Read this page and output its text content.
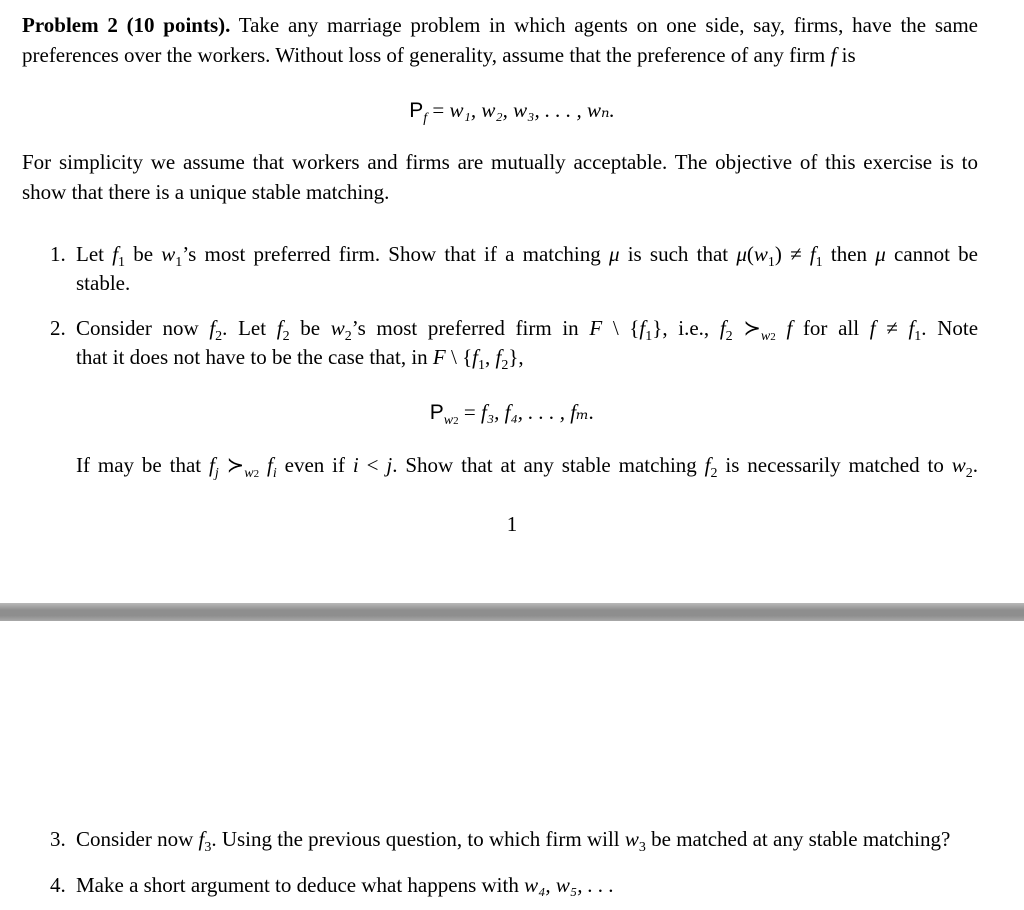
Problem 2 (10 points). Take any marriage problem in which agents on one side, say, firms, have the same
preferences over the workers. Without loss of generality, assume that the preference of any firm f is
$P_f = w_1$, w₂, w₃, . . . , wₙ.
For simplicity we assume that workers and firms are mutually acceptable. The objective of this exercise is to
show that there is a unique stable matching.
1. Let $f_1$ be $w_1’s$ most preferred firm. Show that if a matching μ is such that $\mu(w_1) \ne f_1$ then μ cannot be
stable.
2. Consider now $f_2$. Let $f_2$ be $w_2’s$ most preferred firm in F \ $\{f_1\}$, i.e., $f_2$ $≻_{w2}$ f for all $f \ne f_1$. Note
that it does not have to be the case that, in F \ {$f_1$, $f_2$},
$P_{w2} = f_3$, f₄, . . . , fₘ.
If may be that $f_j$ $≻_{w2}$ $f_i$ even if i < j. Show that at any stable matching $f_2$ is necessarily matched to $w_2$.
1
3. Consider now $f_3$. Using the previous question, to which firm will $w_3$ be matched at any stable matching?
4. Make a short argument to deduce what happens with w₄, w₅, . . .
